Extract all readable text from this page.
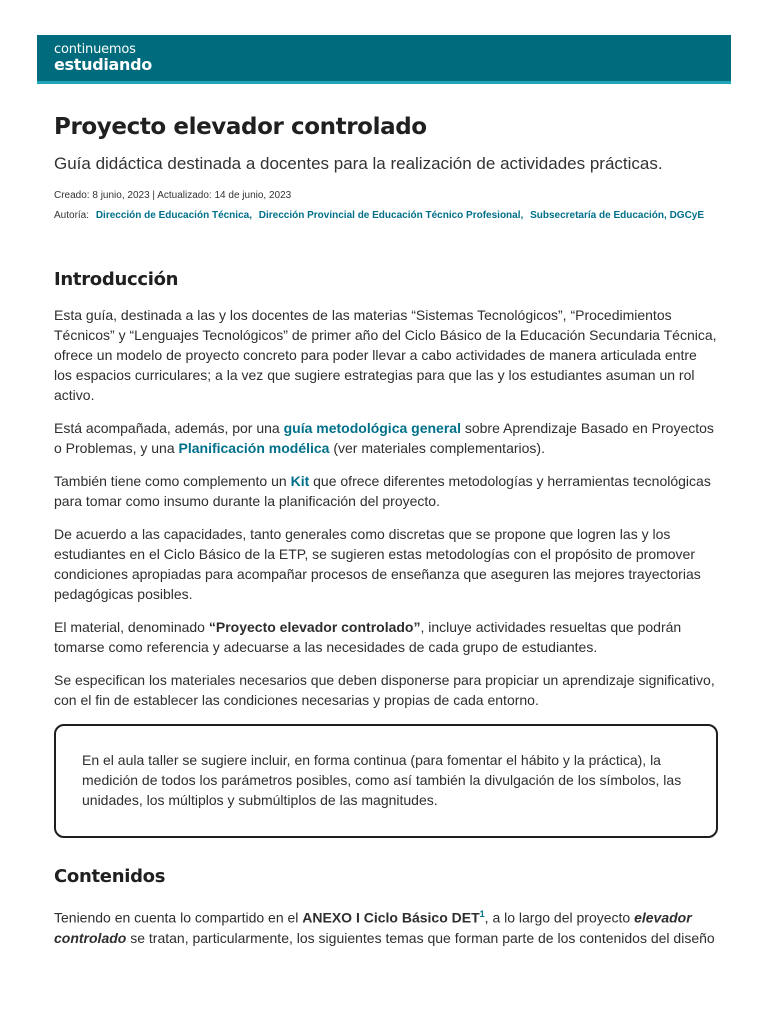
continuemos
estudiando
Proyecto elevador controlado
Guía didáctica destinada a docentes para la realización de actividades prácticas.
Creado: 8 junio, 2023 | Actualizado: 14 de junio, 2023
Autoría: Dirección de Educación Técnica, Dirección Provincial de Educación Técnico Profesional, Subsecretaría de Educación, DGCyE
Introducción

Esta guía, destinada a las y los docentes de las materias “Sistemas Tecnológicos”, “Procedimientos Técnicos” y “Lenguajes Tecnológicos” de primer año del Ciclo Básico de la Educación Secundaria Técnica, ofrece un modelo de proyecto concreto para poder llevar a cabo actividades de manera articulada entre los espacios curriculares; a la vez que sugiere estrategias para que las y los estudiantes asuman un rol activo.

Está acompañada, además, por una guía metodológica general sobre Aprendizaje Basado en Proyectos o Problemas, y una Planificación modélica (ver materiales complementarios).

También tiene como complemento un Kit que ofrece diferentes metodologías y herramientas tecnológicas para tomar como insumo durante la planificación del proyecto.

De acuerdo a las capacidades, tanto generales como discretas que se propone que logren las y los estudiantes en el Ciclo Básico de la ETP, se sugieren estas metodologías con el propósito de promover condiciones apropiadas para acompañar procesos de enseñanza que aseguren las mejores trayectorias pedagógicas posibles.

El material, denominado “Proyecto elevador controlado”, incluye actividades resueltas que podrán tomarse como referencia y adecuarse a las necesidades de cada grupo de estudiantes.

Se especifican los materiales necesarios que deben disponerse para propiciar un aprendizaje significativo, con el fin de establecer las condiciones necesarias y propias de cada entorno.

En el aula taller se sugiere incluir, en forma continua (para fomentar el hábito y la práctica), la medición de todos los parámetros posibles, como así también la divulgación de los símbolos, las unidades, los múltiplos y submúltiplos de las magnitudes.

Contenidos

Teniendo en cuenta lo compartido en el ANEXO I Ciclo Básico DET$^1$, a lo largo del proyecto elevador controlado se tratan, particularmente, los siguientes temas que forman parte de los contenidos del diseño
